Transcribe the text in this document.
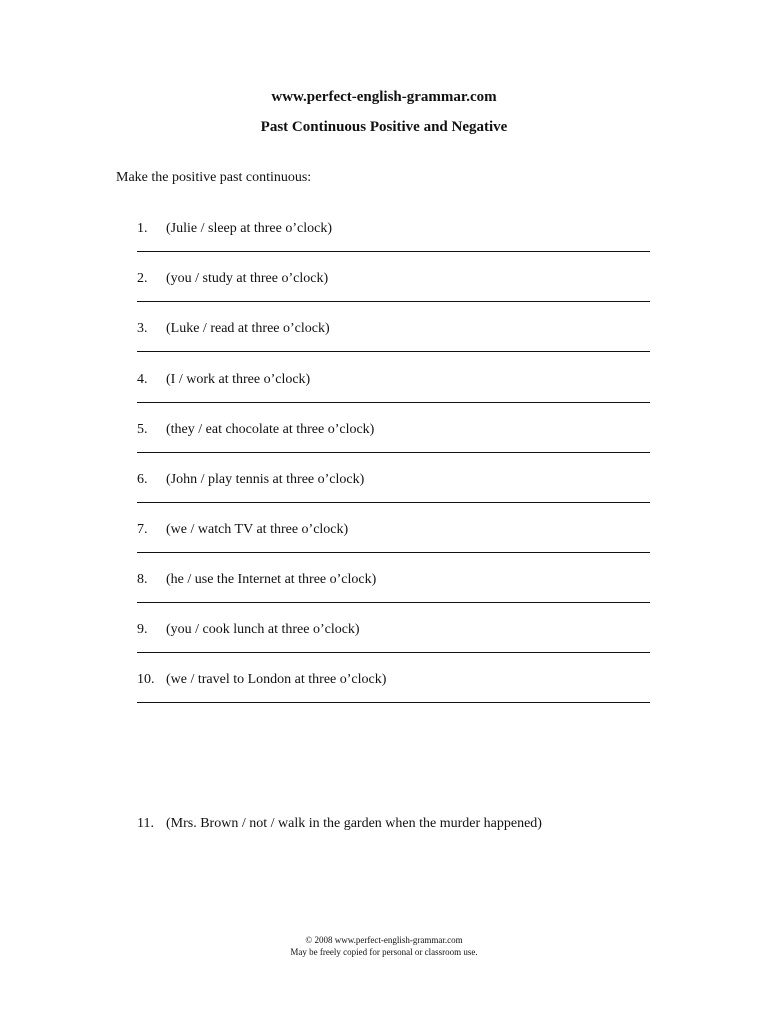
www.perfect-english-grammar.com
Past Continuous Positive and Negative
Make the positive past continuous:
1. (Julie / sleep at three o’clock)
2. (you / study at three o’clock)
3. (Luke / read at three o’clock)
4. (I / work at three o’clock)
5. (they / eat chocolate at three o’clock)
6. (John / play tennis at three o’clock)
7. (we / watch TV at three o’clock)
8. (he / use the Internet at three o’clock)
9. (you / cook lunch at three o’clock)
10. (we / travel to London at three o’clock)
11. (Mrs. Brown / not / walk in the garden when the murder happened)
© 2008 www.perfect-english-grammar.com
May be freely copied for personal or classroom use.
